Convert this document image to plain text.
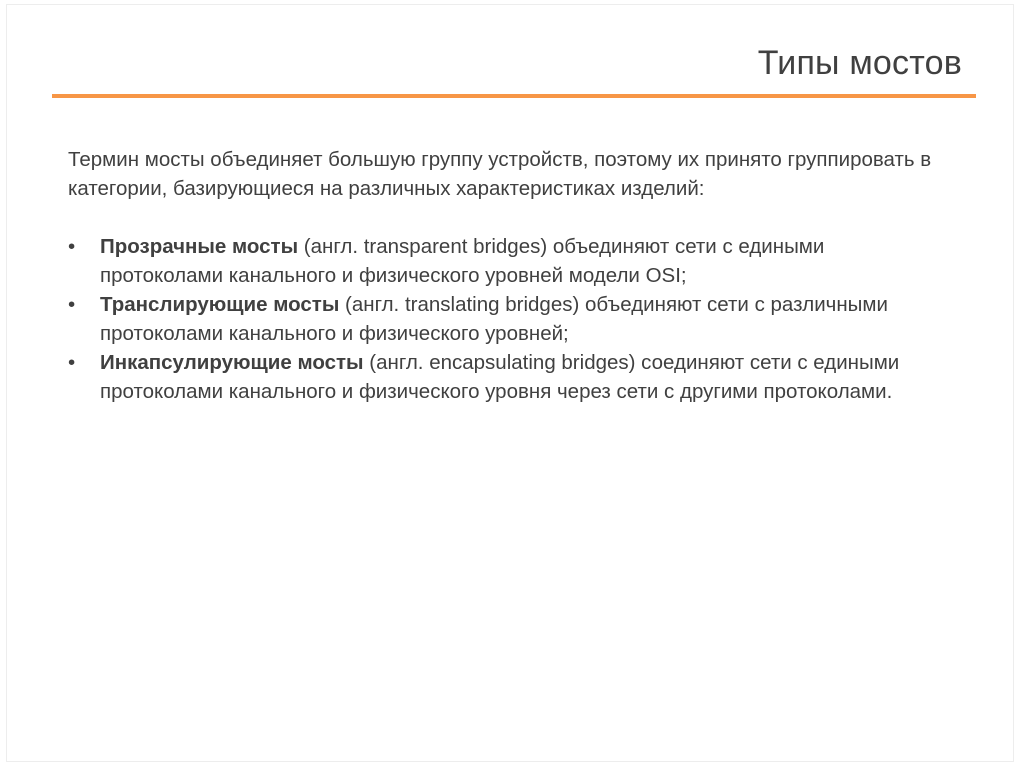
Типы мостов

Термин мосты объединяет большую группу устройств, поэтому их принято группировать в категории, базирующиеся на различных характеристиках изделий:

•	Прозрачные мосты (англ. transparent bridges) объединяют сети с едиными протоколами канального и физического уровней модели OSI;
•	Транслирующие мосты (англ. translating bridges) объединяют сети с различными протоколами канального и физического уровней;
•	Инкапсулирующие мосты (англ. encapsulating bridges) соединяют сети с едиными протоколами канального и физического уровня через сети с другими протоколами.
